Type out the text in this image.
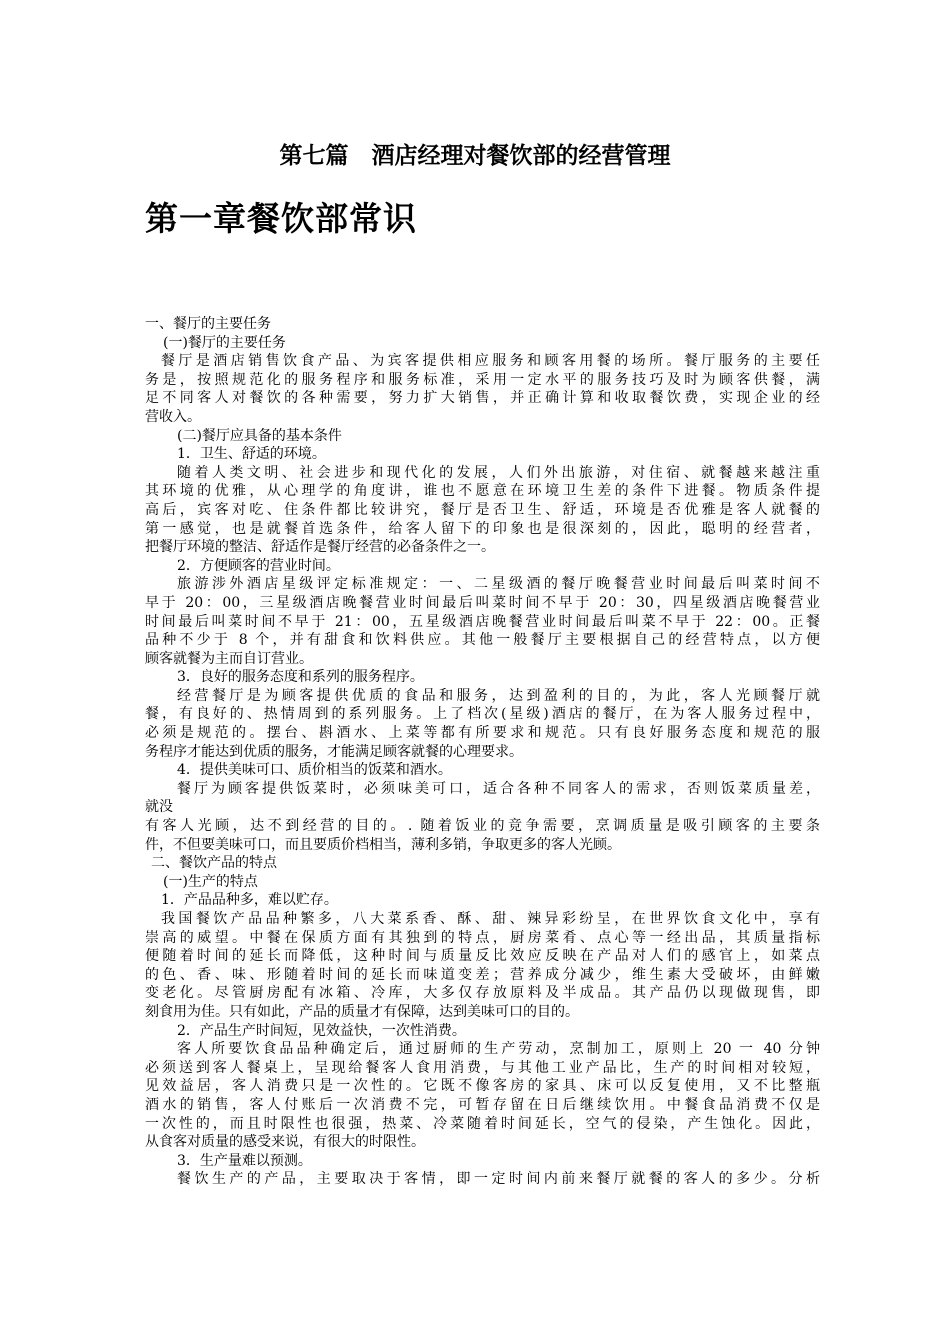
第七篇　酒店经理对餐饮部的经营管理
第一章餐饮部常识
一、餐厅的主要任务
(一)餐厅的主要任务
餐厅是酒店销售饮食产品、为宾客提供相应服务和顾客用餐的场所。餐厅服务的主要任
务是，按照规范化的服务程序和服务标准，采用一定水平的服务技巧及时为顾客供餐，满
足不同客人对餐饮的各种需要，努力扩大销售，并正确计算和收取餐饮费，实现企业的经
营收入。
(二)餐厅应具备的基本条件
1．卫生、舒适的环境。
随着人类文明、社会进步和现代化的发展，人们外出旅游，对住宿、就餐越来越注重
其环境的优雅，从心理学的角度讲，谁也不愿意在环境卫生差的条件下进餐。物质条件提
高后，宾客对吃、住条件都比较讲究，餐厅是否卫生、舒适，环境是否优雅是客人就餐的
第一感觉，也是就餐首选条件，给客人留下的印象也是很深刻的，因此，聪明的经营者，
把餐厅环境的整洁、舒适作是餐厅经营的必备条件之一。
2．方便顾客的营业时间。
旅游涉外酒店星级评定标准规定：一、二星级酒的餐厅晚餐营业时间最后叫菜时间不
早于 20：00，三星级酒店晚餐营业时间最后叫菜时间不早于 20：30，四星级酒店晚餐营业
时间最后叫菜时间不早于 21：00，五星级酒店晚餐营业时间最后叫菜不早于 22：00。正餐
品种不少于 8 个，并有甜食和饮料供应。其他一般餐厅主要根据自己的经营特点，以方便
顾客就餐为主而自订营业。
3．良好的服务态度和系列的服务程序。
经营餐厅是为顾客提供优质的食品和服务，达到盈利的目的，为此，客人光顾餐厅就
餐，有良好的、热情周到的系列服务。上了档次(星级)酒店的餐厅，在为客人服务过程中，
必须是规范的。摆台、斟酒水、上菜等都有所要求和规范。只有良好服务态度和规范的服
务程序才能达到优质的服务，才能满足顾客就餐的心理要求。
4．提供美味可口、质价相当的饭菜和酒水。
餐厅为顾客提供饭菜时，必须味美可口，适合各种不同客人的需求，否则饭菜质量差，
就没
有客人光顾，达不到经营的目的。. 随着饭业的竞争需要，烹调质量是吸引顾客的主要条
件，不但要美味可口，而且要质价档相当，薄利多销，争取更多的客人光顾。
二、餐饮产品的特点
(一)生产的特点
1．产品品种多，难以贮存。
我国餐饮产品品种繁多，八大菜系香、酥、甜、辣异彩纷呈，在世界饮食文化中，享有
崇高的威望。中餐在保质方面有其独到的特点，厨房菜肴、点心等一经出品，其质量指标
便随着时间的延长而降低，这种时间与质量反比效应反映在产品对人们的感官上，如菜点
的色、香、味、形随着时间的延长而味道变差；营养成分减少，维生素大受破坏，由鲜嫩
变老化。尽管厨房配有冰箱、冷库，大多仅存放原料及半成品。其产品仍以现做现售，即
刻食用为佳。只有如此，产品的质量才有保障，达到美味可口的目的。
2．产品生产时间短，见效益快，一次性消费。
客人所要饮食品品种确定后，通过厨师的生产劳动，烹制加工，原则上 20 一 40 分钟
必须送到客人餐桌上，呈现给餐客人食用消费，与其他工业产品比，生产的时间相对较短，
见效益居，客人消费只是一次性的。它既不像客房的家具、床可以反复使用，又不比整瓶
酒水的销售，客人付账后一次消费不完，可暂存留在日后继续饮用。中餐食品消费不仅是
一次性的，而且时限性也很强，热菜、冷菜随着时间延长，空气的侵染，产生蚀化。因此，
从食客对质量的感受来说，有很大的时限性。
3．生产量难以预测。
餐饮生产的产品，主要取决于客情，即一定时间内前来餐厅就餐的客人的多少。分析
